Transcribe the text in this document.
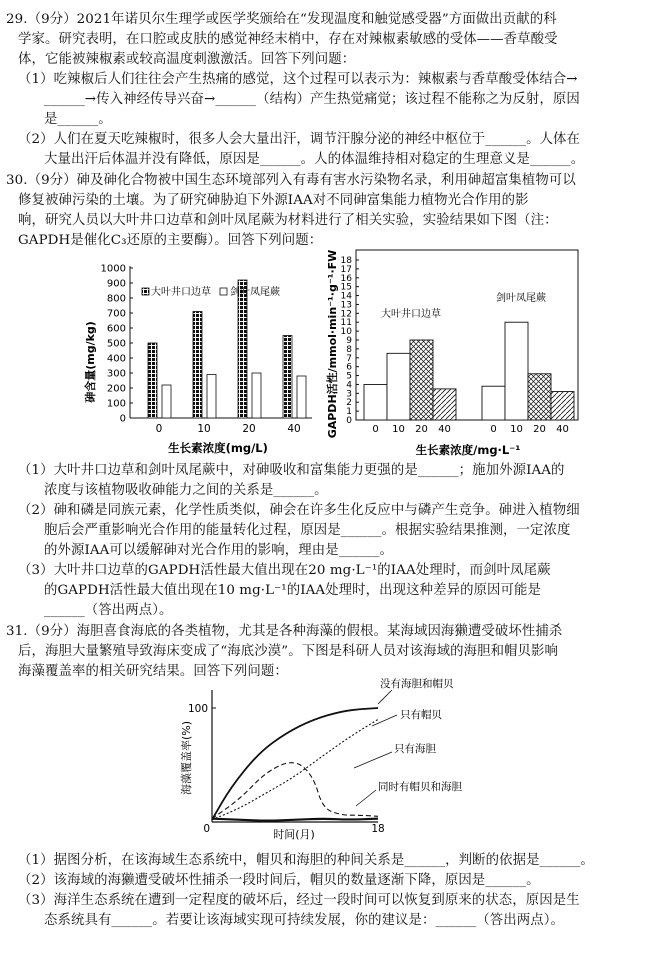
29.（9分）2021年诺贝尔生理学或医学奖颁给在“发现温度和触觉感受器”方面做出贡献的科
学家。研究表明，在口腔或皮肤的感觉神经末梢中，存在对辣椒素敏感的受体——香草酸受
体，它能被辣椒素或较高温度刺激激活。回答下列问题：
（1）吃辣椒后人们往往会产生热痛的感觉，这个过程可以表示为：辣椒素与香草酸受体结合→
______→传入神经传导兴奋→______（结构）产生热觉痛觉；该过程不能称之为反射，原因
是______。
（2）人们在夏天吃辣椒时，很多人会大量出汗，调节汗腺分泌的神经中枢位于______。人体在
大量出汗后体温并没有降低，原因是______。人的体温维持相对稳定的生理意义是______。
30.（9分）砷及砷化合物被中国生态环境部列入有毒有害水污染物名录，利用砷超富集植物可以
修复被砷污染的土壤。为了研究砷胁迫下外源IAA对不同砷富集能力植物光合作用的影
响，研究人员以大叶井口边草和剑叶凤尾蕨为材料进行了相关实验，实验结果如下图（注：
GAPDH是催化C₃还原的主要酶）。回答下列问题：
砷含量(mg/kg)
0
100
200
300
400
500
600
700
800
900
1000
0	10	20	40
大叶井口边草 剑叶凤尾蕨
生长素浓度(mg/L)
GAPDH活性/mmol·min⁻¹·g⁻¹·FW 0
1
2
3
4
5
6
7
8
9
10
11
12
13
14
15
16
17
18
0 10 20 40	0 10 20 40
大叶井口边草
剑叶凤尾蕨
生长素浓度/mg·L⁻¹
（1）大叶井口边草和剑叶凤尾蕨中，对砷吸收和富集能力更强的是______；施加外源IAA的
浓度与该植物吸收砷能力之间的关系是______。
（2）砷和磷是同族元素，化学性质类似，砷会在许多生化反应中与磷产生竞争。砷进入植物细
胞后会严重影响光合作用的能量转化过程，原因是______。根据实验结果推测，一定浓度
的外源IAA可以缓解砷对光合作用的影响，理由是______。
（3）大叶井口边草的GAPDH活性最大值出现在20 mg·L⁻¹的IAA处理时，而剑叶凤尾蕨
的GAPDH活性最大值出现在10 mg·L⁻¹的IAA处理时，出现这种差异的原因可能是
______（答出两点）。
31.（9分）海胆喜食海底的各类植物，尤其是各种海藻的假根。某海域因海獭遭受破坏性捕杀
后，海胆大量繁殖导致海床变成了“海底沙漠”。下图是科研人员对该海域的海胆和帽贝影响
海藻覆盖率的相关研究结果。回答下列问题：
海藻覆盖率(%)
100
0	18
时间(月)
没有海胆和帽贝
只有帽贝
只有海胆
同时有帽贝和海胆
（1）据图分析，在该海域生态系统中，帽贝和海胆的种间关系是______，判断的依据是______。
（2）该海域的海獭遭受破坏性捕杀一段时间后，帽贝的数量逐渐下降，原因是______。
（3）海洋生态系统在遭到一定程度的破坏后，经过一段时间可以恢复到原来的状态，原因是生
态系统具有______。若要让该海域实现可持续发展，你的建议是：______（答出两点）。
